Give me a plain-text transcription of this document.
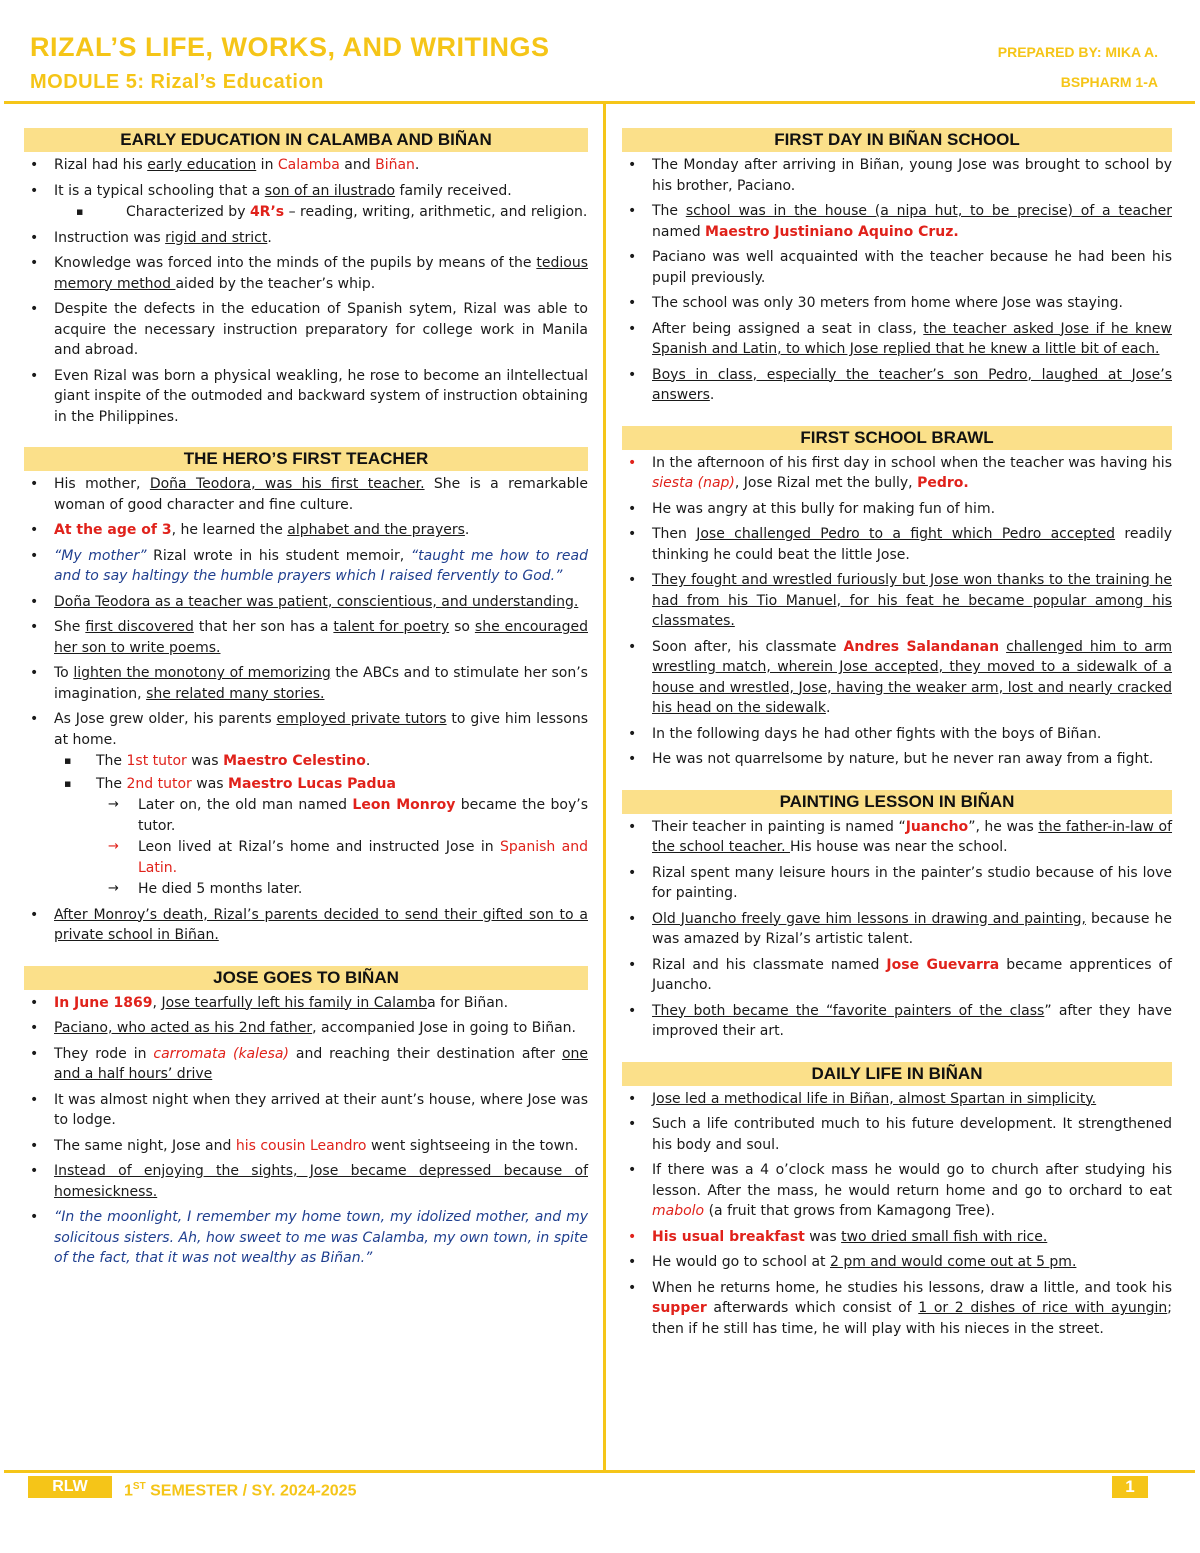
RIZAL’S LIFE, WORKS, AND WRITINGS
MODULE 5: Rizal’s Education
PREPARED BY: MIKA A.
BSPHARM 1-A
EARLY EDUCATION IN CALAMBA AND BIÑAN
• Rizal had his early education in Calamba and Biñan.
• It is a typical schooling that a son of an ilustrado family received.
▪ Characterized by 4R’s – reading, writing, arithmetic, and religion.
• Instruction was rigid and strict.
• Knowledge was forced into the minds of the pupils by means of the tedious memory method aided by the teacher’s whip.
• Despite the defects in the education of Spanish sytem, Rizal was able to acquire the necessary instruction preparatory for college work in Manila and abroad.
• Even Rizal was born a physical weakling, he rose to become an ilntellectual giant inspite of the outmoded and backward system of instruction obtaining in the Philippines.
THE HERO’S FIRST TEACHER
• His mother, Doña Teodora, was his first teacher. She is a remarkable woman of good character and fine culture.
• At the age of 3, he learned the alphabet and the prayers.
• “My mother” Rizal wrote in his student memoir, “taught me how to read and to say haltingy the humble prayers which I raised fervently to God.”
• Doña Teodora as a teacher was patient, conscientious, and understanding.
• She first discovered that her son has a talent for poetry so she encouraged her son to write poems.
• To lighten the monotony of memorizing the ABCs and to stimulate her son’s imagination, she related many stories.
• As Jose grew older, his parents employed private tutors to give him lessons at home.
▪ The 1st tutor was Maestro Celestino.
▪ The 2nd tutor was Maestro Lucas Padua
→ Later on, the old man named Leon Monroy became the boy’s tutor.
→ Leon lived at Rizal’s home and instructed Jose in Spanish and Latin.
→ He died 5 months later.
• After Monroy’s death, Rizal’s parents decided to send their gifted son to a private school in Biñan.
JOSE GOES TO BIÑAN
• In June 1869, Jose tearfully left his family in Calamba for Biñan.
• Paciano, who acted as his 2nd father, accompanied Jose in going to Biñan.
• They rode in carromata (kalesa) and reaching their destination after one and a half hours’ drive
• It was almost night when they arrived at their aunt’s house, where Jose was to lodge.
• The same night, Jose and his cousin Leandro went sightseeing in the town.
• Instead of enjoying the sights, Jose became depressed because of homesickness.
• “In the moonlight, I remember my home town, my idolized mother, and my solicitous sisters. Ah, how sweet to me was Calamba, my own town, in spite of the fact, that it was not wealthy as Biñan.”
FIRST DAY IN BIÑAN SCHOOL
• The Monday after arriving in Biñan, young Jose was brought to school by his brother, Paciano.
• The school was in the house (a nipa hut, to be precise) of a teacher named Maestro Justiniano Aquino Cruz.
• Paciano was well acquainted with the teacher because he had been his pupil previously.
• The school was only 30 meters from home where Jose was staying.
• After being assigned a seat in class, the teacher asked Jose if he knew Spanish and Latin, to which Jose replied that he knew a little bit of each.
• Boys in class, especially the teacher’s son Pedro, laughed at Jose’s answers.
FIRST SCHOOL BRAWL
• In the afternoon of his first day in school when the teacher was having his siesta (nap), Jose Rizal met the bully, Pedro.
• He was angry at this bully for making fun of him.
• Then Jose challenged Pedro to a fight which Pedro accepted readily thinking he could beat the little Jose.
• They fought and wrestled furiously but Jose won thanks to the training he had from his Tio Manuel, for his feat he became popular among his classmates.
• Soon after, his classmate Andres Salandanan challenged him to arm wrestling match, wherein Jose accepted, they moved to a sidewalk of a house and wrestled, Jose, having the weaker arm, lost and nearly cracked his head on the sidewalk.
• In the following days he had other fights with the boys of Biñan.
• He was not quarrelsome by nature, but he never ran away from a fight.
PAINTING LESSON IN BIÑAN
• Their teacher in painting is named “Juancho”, he was the father-in-law of the school teacher. His house was near the school.
• Rizal spent many leisure hours in the painter’s studio because of his love for painting.
• Old Juancho freely gave him lessons in drawing and painting, because he was amazed by Rizal’s artistic talent.
• Rizal and his classmate named Jose Guevarra became apprentices of Juancho.
• They both became the “favorite painters of the class” after they have improved their art.
DAILY LIFE IN BIÑAN
• Jose led a methodical life in Biñan, almost Spartan in simplicity.
• Such a life contributed much to his future development. It strengthened his body and soul.
• If there was a 4 o’clock mass he would go to church after studying his lesson. After the mass, he would return home and go to orchard to eat mabolo (a fruit that grows from Kamagong Tree).
• His usual breakfast was two dried small fish with rice.
• He would go to school at 2 pm and would come out at 5 pm.
• When he returns home, he studies his lessons, draw a little, and took his supper afterwards which consist of 1 or 2 dishes of rice with ayungin; then if he still has time, he will play with his nieces in the street.
RLW	1ST SEMESTER / SY. 2024-2025	1
